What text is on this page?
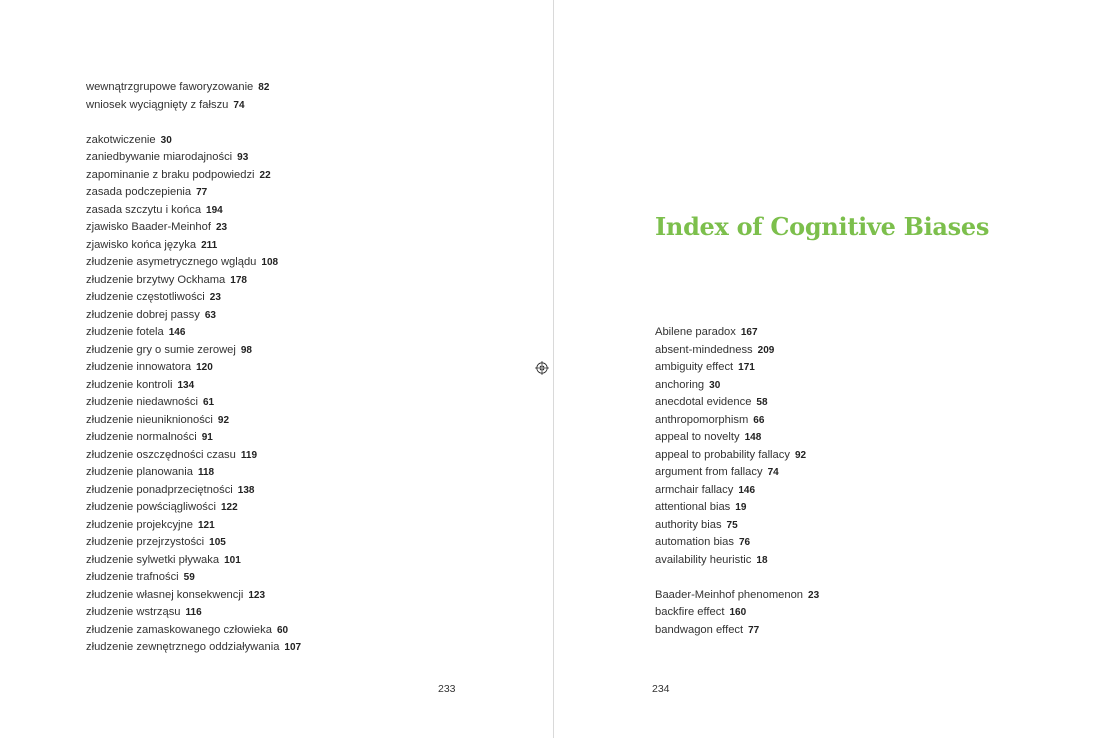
wewnątrzgrupowe faworyzowanie 82
wniosek wyciągnięty z fałszu 74
zakotwiczenie 30
zaniedbywanie miarodajności 93
zapominanie z braku podpowiedzi 22
zasada podczepienia 77
zasada szczytu i końca 194
zjawisko Baader-Meinhof 23
zjawisko końca języka 211
złudzenie asymetrycznego wglądu 108
złudzenie brzytwy Ockhama 178
złudzenie częstotliwości 23
złudzenie dobrej passy 63
złudzenie fotela 146
złudzenie gry o sumie zerowej 98
złudzenie innowatora 120
złudzenie kontroli 134
złudzenie niedawności 61
złudzenie nieuniknioności 92
złudzenie normalności 91
złudzenie oszczędności czasu 119
złudzenie planowania 118
złudzenie ponadprzeciętności 138
złudzenie powściągliwości 122
złudzenie projekcyjne 121
złudzenie przejrzystości 105
złudzenie sylwetki pływaka 101
złudzenie trafności 59
złudzenie własnej konsekwencji 123
złudzenie wstrząsu 116
złudzenie zamaskowanego człowieka 60
złudzenie zewnętrznego oddziaływania 107
233
Index of Cognitive Biases
Abilene paradox 167
absent-mindedness 209
ambiguity effect 171
anchoring 30
anecdotal evidence 58
anthropomorphism 66
appeal to novelty 148
appeal to probability fallacy 92
argument from fallacy 74
armchair fallacy 146
attentional bias 19
authority bias 75
automation bias 76
availability heuristic 18
Baader-Meinhof phenomenon 23
backfire effect 160
bandwagon effect 77
234
